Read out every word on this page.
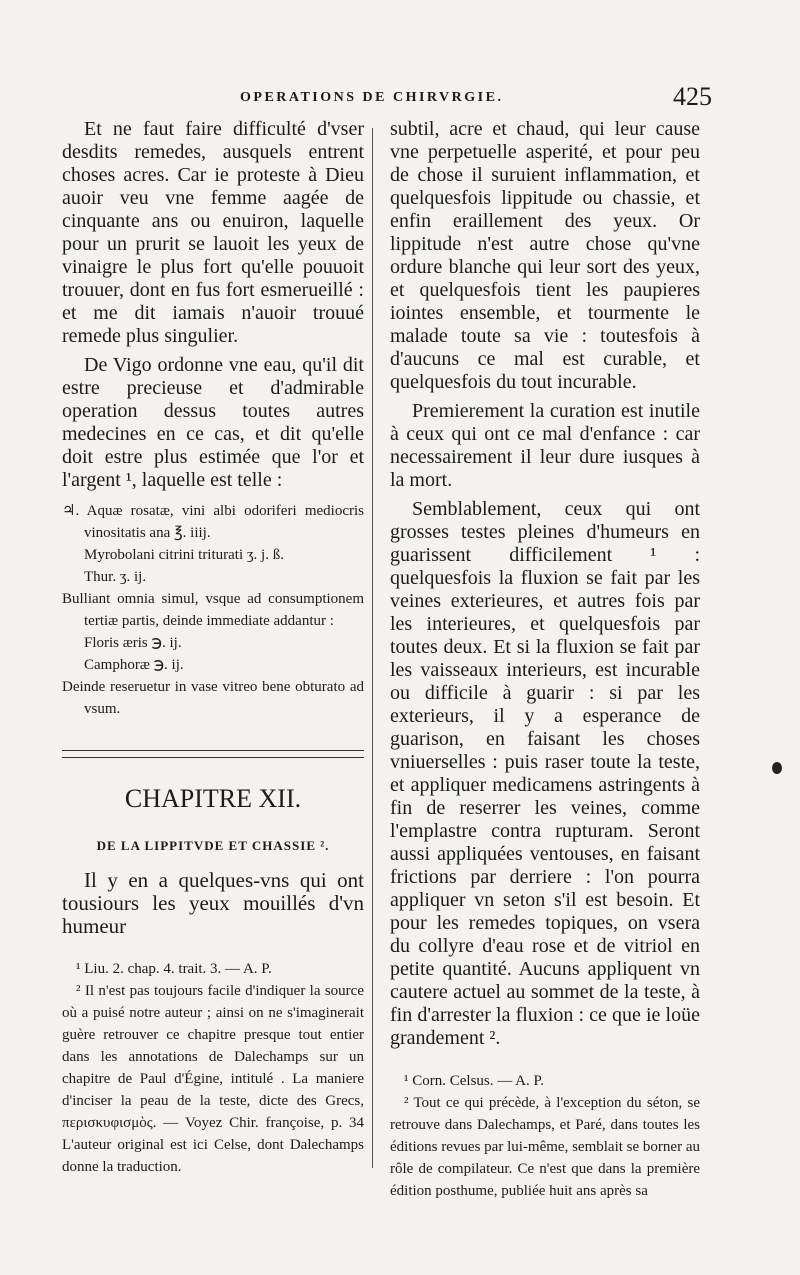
OPERATIONS DE CHIRVRGIE.	425

Et ne faut faire difficulté d'vser desdits remedes, ausquels entrent choses acres. Car ie proteste à Dieu auoir veu vne femme aagée de cinquante ans ou enuiron, laquelle pour un prurit se lauoit les yeux de vinaigre le plus fort qu'elle pouuoit trouuer, dont en fus fort esmerueillé : et me dit iamais n'auoir trouué remede plus singulier.

De Vigo ordonne vne eau, qu'il dit estre precieuse et d'admirable operation dessus toutes autres medecines en ce cas, et dit qu'elle doit estre plus estimée que l'or et l'argent ¹, laquelle est telle :

♃. Aquæ rosatæ, vini albi odoriferi mediocris vinositatis ana ℥. iiij.
Myrobolani citrini triturati ʒ. j. ß.
Thur. ʒ. ij.
Bulliant omnia simul, vsque ad consumptionem tertiæ partis, deinde immediate addantur :
Floris æris ℈. ij.
Camphoræ ℈. ij.
Deinde reseruetur in vase vitreo bene obturato ad vsum.
CHAPITRE XII.
DE LA LIPPITVDE ET CHASSIE ².

Il y en a quelques-vns qui ont tousiours les yeux mouillés d'vn humeur

¹ Liu. 2. chap. 4. trait. 3. — A. P.

² Il n'est pas toujours facile d'indiquer la source où a puisé notre auteur ; ainsi on ne s'imaginerait guère retrouver ce chapitre presque tout entier dans les annotations de Dalechamps sur un chapitre de Paul d'Égine, intitulé . La maniere d'inciser la peau de la teste, dicte des Grecs, περισκυφισμὸς. — Voyez Chir. françoise, p. 34 L'auteur original est ici Celse, dont Dalechamps donne la traduction.

subtil, acre et chaud, qui leur cause vne perpetuelle asperité, et pour peu de chose il suruient inflammation, et quelquesfois lippitude ou chassie, et enfin eraillement des yeux. Or lippitude n'est autre chose qu'vne ordure blanche qui leur sort des yeux, et quelquesfois tient les paupieres iointes ensemble, et tourmente le malade toute sa vie : toutesfois à d'aucuns ce mal est curable, et quelquesfois du tout incurable.

Premierement la curation est inutile à ceux qui ont ce mal d'enfance : car necessairement il leur dure iusques à la mort.

Semblablement, ceux qui ont grosses testes pleines d'humeurs en guarissent difficilement ¹ : quelquesfois la fluxion se fait par les veines exterieures, et autres fois par les interieures, et quelquesfois par toutes deux. Et si la fluxion se fait par les vaisseaux interieurs, est incurable ou difficile à guarir : si par les exterieurs, il y a esperance de guarison, en faisant les choses vniuerselles : puis raser toute la teste, et appliquer medicamens astringents à fin de reserrer les veines, comme l'emplastre contra rupturam. Seront aussi appliquées ventouses, en faisant frictions par derriere : l'on pourra appliquer vn seton s'il est besoin. Et pour les remedes topiques, on vsera du collyre d'eau rose et de vitriol en petite quantité. Aucuns appliquent vn cautere actuel au sommet de la teste, à fin d'arrester la fluxion : ce que ie loüe grandement ².

¹ Corn. Celsus. — A. P.

² Tout ce qui précède, à l'exception du séton, se retrouve dans Dalechamps, et Paré, dans toutes les éditions revues par lui-même, semblait se borner au rôle de compilateur. Ce n'est que dans la première édition posthume, publiée huit ans après sa
